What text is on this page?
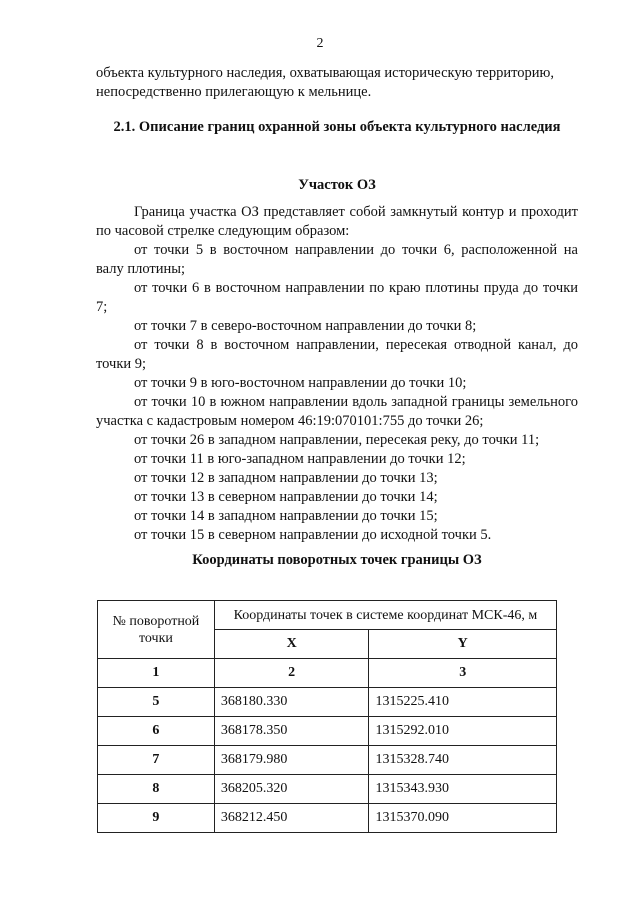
2

объекта культурного наследия, охватывающая историческую территорию,

непосредственно прилегающую к мельнице.

2.1. Описание границ охранной зоны объекта культурного наследия
Участок ОЗ

Граница участка ОЗ представляет собой замкнутый контур и проходит по часовой стрелке следующим образом:

от точки 5 в восточном направлении до точки 6, расположенной на валу плотины;

от точки 6 в восточном направлении по краю плотины пруда до точки 7;

от точки 7 в северо-восточном направлении до точки 8;

от точки 8 в восточном направлении, пересекая отводной канал, до точки 9;

от точки 9 в юго-восточном направлении до точки 10;

от точки 10 в южном направлении вдоль западной границы земельного участка с кадастровым номером 46:19:070101:755 до точки 26;

от точки 26 в западном направлении, пересекая реку, до точки 11;

от точки 11 в юго-западном направлении до точки 12;

от точки 12 в западном направлении до точки 13;

от точки 13 в северном направлении до точки 14;

от точки 14 в западном направлении до точки 15;

от точки 15 в северном направлении до исходной точки 5.

Координаты поворотных точек границы ОЗ
№ поворотной точки	Координаты точек в системе координат МСК-46, м	
	X	Y
1	2	3
5	368180.330	1315225.410
6	368178.350	1315292.010
7	368179.980	1315328.740
8	368205.320	1315343.930
9	368212.450	1315370.090
